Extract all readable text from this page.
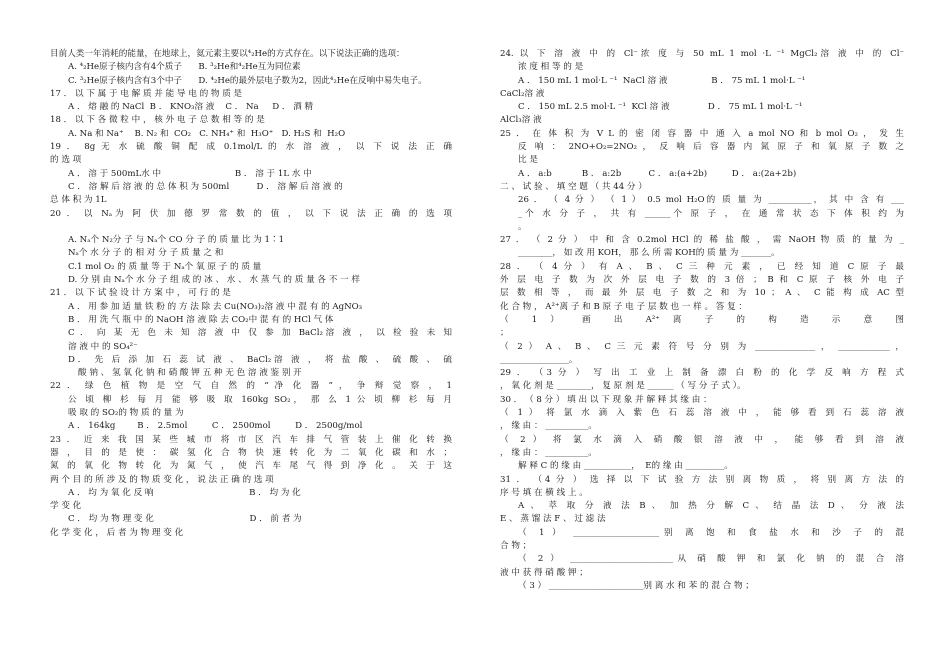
目前人类一年消耗的能量，在地球上，氦元素主要以⁴₂He的方式存在。以下说法正确的选项：
A. ⁴₂He原子核内含有4个质子      B. ³₂He和⁴₂He互为同位素
C. ³₂He原子核内含有3个中子      D. ⁴₂He的最外层电子数为2，因此⁴₂He在反响中易失电子。
17 ． 以 下 属 于 电 解 质 并 能 导 电 的 物 质 是
A ． 熔 融 的 NaCl  B ． KNO₃溶 液    C ． Na     D ． 酒 精
18 ． 以 下 各 微 粒 中 ， 核 外 电 子 总 数 相 等 的 是
A. Na 和 Na⁺    B. N₂ 和  CO₂   C. NH₄⁺ 和  H₃O⁺   D. H₂S 和  H₂O
19 ． 8g 无 水 硫 酸 铜 配 成 0.1mol/L 的 水 溶 液 ， 以 下 说 法 正 确
的 选 项
A ． 溶 于 500mL水 中                           B ． 溶 于 1L 水 中
C ． 溶 解 后 溶 液 的 总 体 积 为 500ml          D ． 溶 解 后 溶 液 的
总 体 积 为 1L
20 ． 以 Nₐ为 阿 伏 加 德 罗 常 数 的 值 ， 以 下 说 法 正 确 的 选 项
A. Nₐ个 N₂分 子 与 Nₐ个 CO 分 子 的 质 量 比 为 1∶1
Nₐ个 水 分 子 的 相 对 分 子 质 量 之 和
C.1 mol O₂ 的 质 量 等 于 Nₐ个 氧 原 子 的 质 量
D. 分 别 由 Nₐ个 水 分 子 组 成 的 冰 、 水 、 水 蒸 气 的 质 量 各 不 一 样
21 ． 以 下 试 验 设 计 方 案 中 ， 可 行 的 是
A ． 用 参 加 适 量 铁 粉 的 方 法 除 去 Cu(NO₃)₂溶 液 中 混 有 的 AgNO₃
B ． 用 洗 气 瓶 中 的 NaOH 溶 液 除 去 CO₂中 混 有 的 HCl 气 体
C ． 向 某 无 色 未 知 溶 液 中 仅 参 加 BaCl₂溶 液 ， 以 检 验 未 知
溶 液 中 的 SO₄²⁻
D． 先 后 添 加 石 蕊 试 液 、 BaCl₂溶 液 ， 将 盐 酸 、 硫 酸 、 硫
酸 钠 、 氢 氧 化 钠 和 硝 酸 钾 五 种 无 色 溶 液 鉴 别 开
22 ． 绿 色 植 物 是 空 气 自 然 的 “ 净 化 器 ” ， 争 辩 觉 察 ， 1
公 顷 柳 杉 每 月 能 够 吸 取 160kg SO₂， 那 么 1 公 顷 柳 杉 每 月
吸 取 的 SO₂的 物 质 的 量 为
A ． 164kg        B ． 2.5mol         C ． 2500mol         D ． 2500g/mol
23 ． 近 来 我 国 某 些 城 市 将 市 区 汽 车 排 气 管 装 上 催 化 转 换
器 ， 目 的 是 使 ： 碳 氢 化 合 物 快 速 转 化 为 二 氧 化 碳 和 水 ；
氮 的 氧 化 物 转 化 为 氮 气 ， 使 汽 车 尾 气 得 到 净 化 。 关 于 这
两 个 目 的 所 涉 及 的 物 质 变 化 ， 说 法 正 确 的 选 项
A ． 均 为 氧 化 反 响                                   B ． 均 为 化
学 变 化
C ． 均 为 物 理 变 化                                   D ． 前 者 为
化 学 变 化 ， 后 者 为 物 理 变 化
24. 以 下 溶 液 中 的 Cl⁻浓 度 与 50 mL 1 mol ·L ⁻¹ MgCl₂溶 液 中 的 Cl⁻
浓 度 相 等 的 是
A ． 150 mL 1 mol·L ⁻¹  NaCl 溶 液                B ． 75 mL 1 mol·L ⁻¹
CaCl₂溶 液
C ． 150 mL 2.5 mol·L ⁻¹  KCl 溶 液              D ． 75 mL 1 mol·L ⁻¹
AlCl₃溶 液
25 ． 在 体 积 为 V L 的 密 闭 容 器 中 通 入 a mol NO 和 b mol O₂ ， 发 生
反 响 ： 2NO+O₂=2NO₂ ， 反 响 后 容 器 内 氮 原 子 和 氧 原 子 数 之
比 是
A ． a:b           B ． a:2b          C ． a:(a+2b)         D ． a:(2a+2b)
二 、 试 验 、 填 空 题 （ 共 44 分 ）
26 ． （ 4 分 ） （ 1 ） 0.5 mol H₂O的 质 量 为 __________， 其 中 含 有 ___
_个 水 分 子 ， 共 有 ______个 原 子 ， 在 通 常 状 态 下 体 积 约 为
。
27 ． （ 2 分 ） 中 和 含 0.2mol HCl 的 稀 盐 酸 ， 需 NaOH 物 质 的 量 为 _
________， 如 改 用 KOH， 那 么 所 需 KOH的 质 量 为 _______。
28 ． （ 4 分 ） 有 A 、 B 、 C 三 种 元 素 ， 已 经 知 道 C 原 子 最
外 层 电 子 数 为 次 外 层 电 子 数 的 3 倍 ； B 和 C 原 子 核 外 电 子
层 数 相 等 ， 而 最 外 层 电 子 数 之 和 为 10 ； A 、 C 能 构 成 AC 型
化 合 物 ， A²⁺离 子 和 B 原 子 电 子 层 数 也 一 样 。 答 复 ：
（ 1 ） 画 出 A²⁺ 离 子 的 构 造 示 意 图
；
（ 2 ） A 、 B 、 C 三 元 素 符 号 分 别 为 ______________ ， ____________ ，
________________。
29 ． （3 分 ） 写 出 工 业 上 制 备 漂 白 粉 的 化 学 反 响 方 程 式
， 氧 化 剂 是 ________， 复 原 剂 是 ______ （ 写 分 子 式 ）。
30 ． （ 8 分 ） 填 出 以 下 现 象 并 解 释 其 缘 由 ：
（ 1 ） 将 氯 水 滴 入 紫 色 石 蕊 溶 液 中 ， 能 够 看 到 石 蕊 溶 液
， 缘 由 ： __________。
（ 2 ） 将 氯 水 滴 入 硝 酸 银 溶 液 中 ， 能 够 看 到 溶 液
， 缘 由 ： __________。
解 释 C 的 缘 由 ___________，  E的 缘 由 _________。
31 ． （4 分 ） 选 择 以 下 试 验 方 法 别 离 物 质 ， 将 别 离 方 法 的
序 号 填 在 横 线 上 。
A 、 萃 取 分 液 法 B 、 加 热 分 解 C 、 结 晶 法 D 、 分 液 法
E 、 蒸 馏 法 F 、 过 滤 法
（ 1 ） ____________________别 离 饱 和 食 盐 水 和 沙 子 的 混
合 物 ；
（ 2 ） ________________________从 硝 酸 钾 和 氯 化 钠 的 混 合 溶
液 中 获 得 硝 酸 钾 ；
（ 3 ） ______________________别 离 水 和 苯 的 混 合 物 ；
